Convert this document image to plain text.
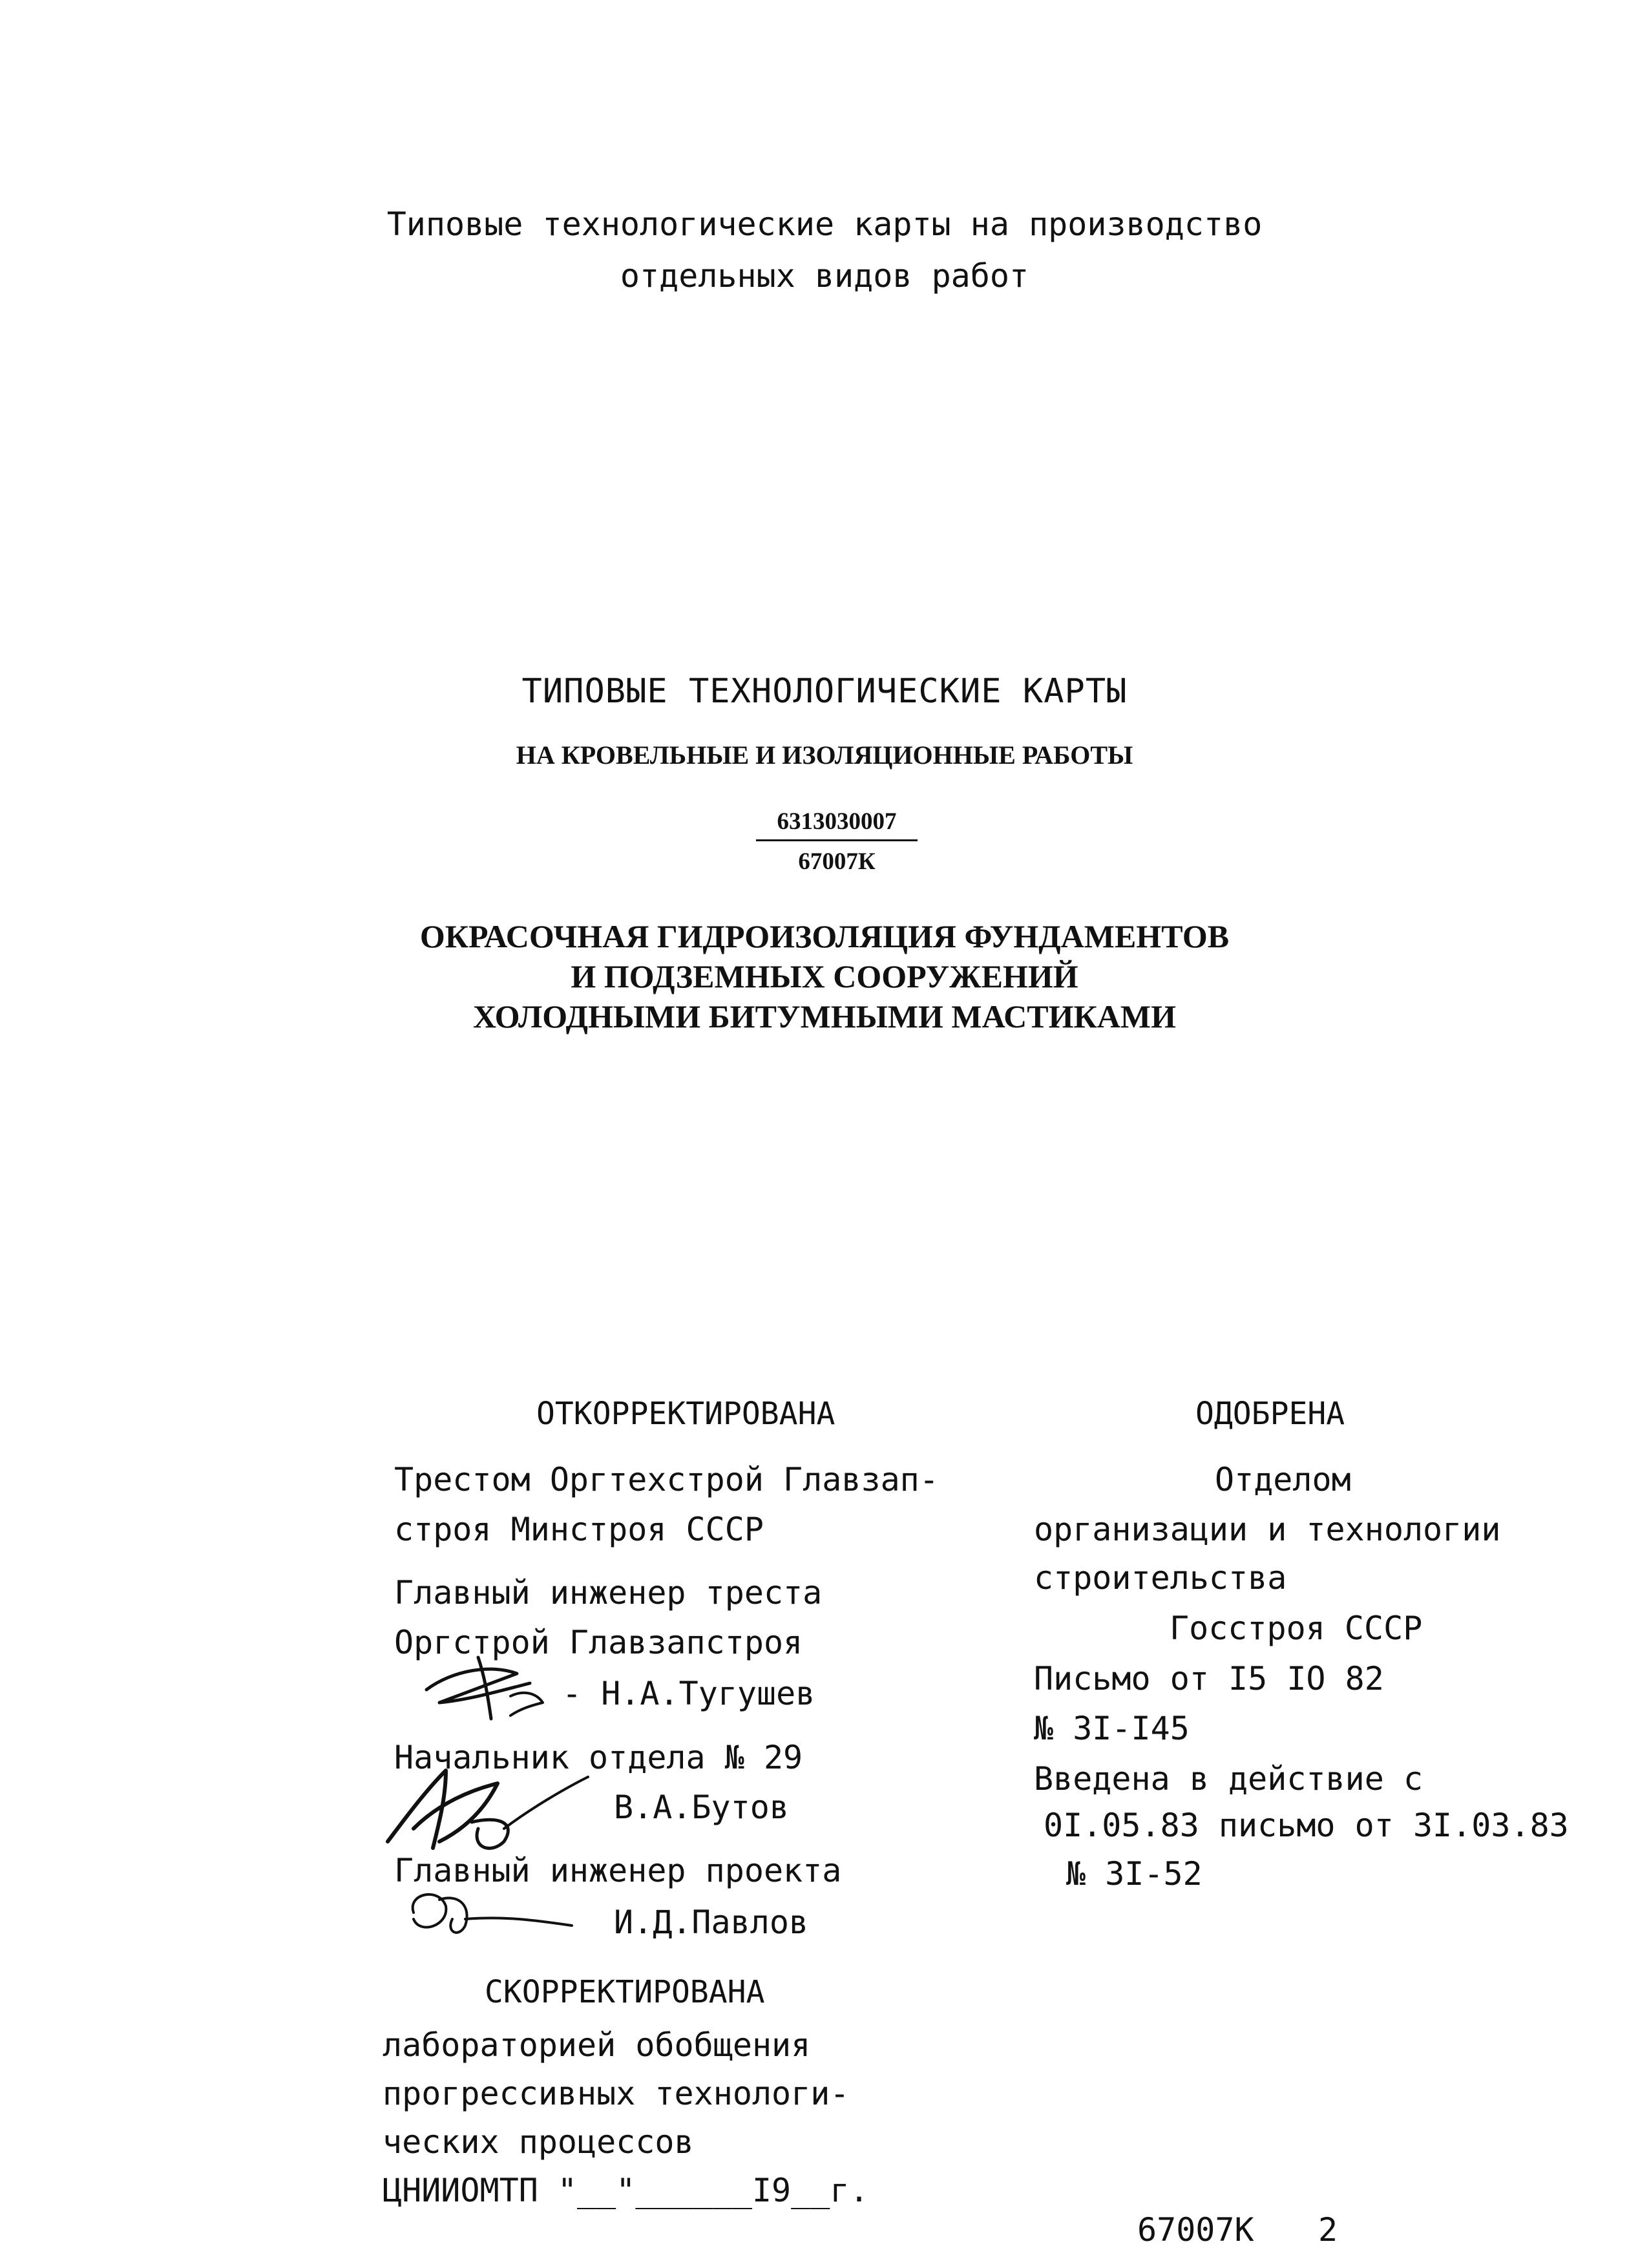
Типовые технологические карты на производство
отдельных видов работ
ТИПОВЫЕ ТЕХНОЛОГИЧЕСКИЕ КАРТЫ
НА КРОВЕЛЬНЫЕ И ИЗОЛЯЦИОННЫЕ РАБОТЫ
6313030007
67007К
ОКРАСОЧНАЯ ГИДРОИЗОЛЯЦИЯ ФУНДАМЕНТОВ
И ПОДЗЕМНЫХ СООРУЖЕНИЙ
ХОЛОДНЫМИ БИТУМНЫМИ МАСТИКАМИ
ОТКОРРЕКТИРОВАНА
Трестом Оргтехстрой Главзап-
строя Минстроя СССР
Главный инженер треста
Оргстрой Главзапстроя
- Н.А.Тугушев
Начальник отдела № 29
В.А.Бутов
Главный инженер проекта
И.Д.Павлов
СКОРРЕКТИРОВАНА
лабораторией обобщения
прогрессивных технологи-
ческих процессов
ЦНИИОМТП "__"______I9__г.
ОДОБРЕНА
Отделом
организации и технологии
строительства
Госстроя СССР
Письмо от I5 IO 82
№ 3I-I45
Введена в действие с
0I.05.83 письмо от 3I.03.83
№ 3I-52
67007К 2
